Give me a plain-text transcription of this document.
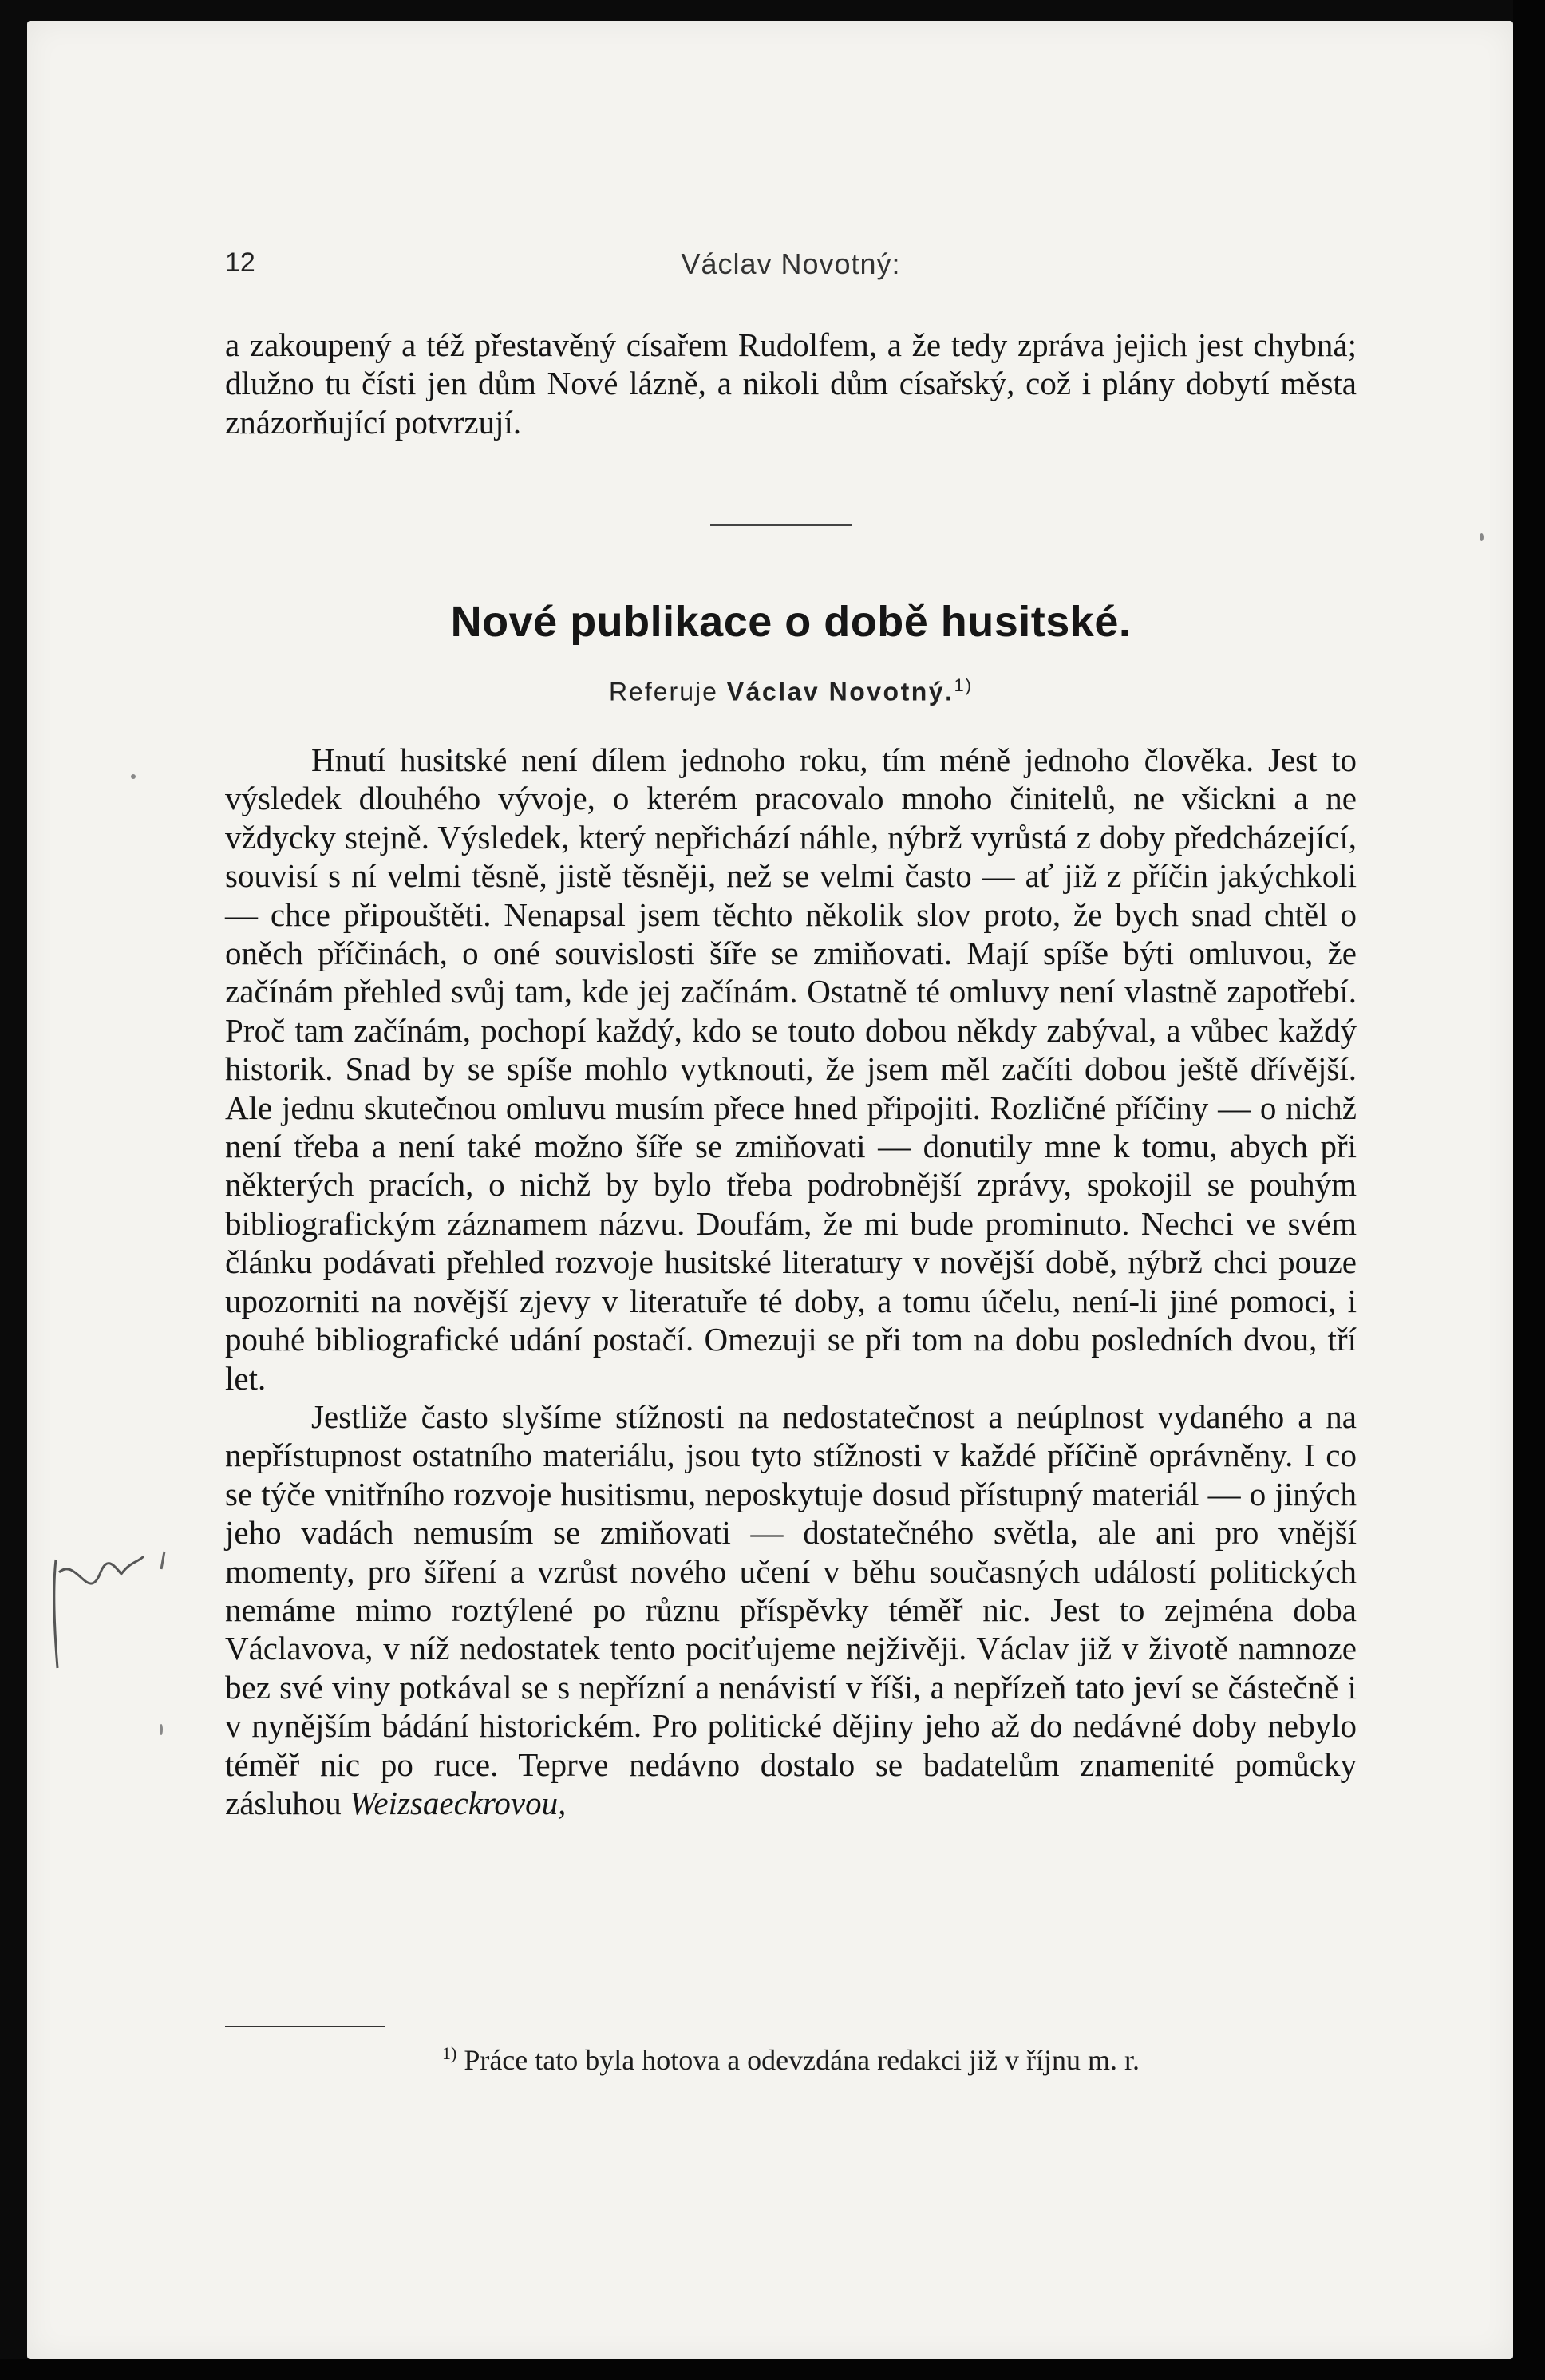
12	Václav Novotný:

a zakoupený a též přestavěný císařem Rudolfem, a že tedy zpráva jejich jest chybná; dlužno tu čísti jen dům Nové lázně, a nikoli dům císařský, což i plány dobytí města znázorňující potvrzují.

Nové publikace o době husitské.
Referuje Václav Novotný.$^{1)}$

Hnutí husitské není dílem jednoho roku, tím méně jednoho člověka. Jest to výsledek dlouhého vývoje, o kterém pracovalo mnoho činitelů, ne všickni a ne vždycky stejně. Výsledek, který nepřichází náhle, nýbrž vyrůstá z doby předcházející, souvisí s ní velmi těsně, jistě těsněji, než se velmi často — ať již z příčin jakýchkoli — chce připouštěti. Nenapsal jsem těchto několik slov proto, že bych snad chtěl o oněch příčinách, o oné souvislosti šíře se zmiňovati. Mají spíše býti omluvou, že začínám přehled svůj tam, kde jej začínám. Ostatně té omluvy není vlastně zapotřebí. Proč tam začínám, pochopí každý, kdo se touto dobou někdy zabýval, a vůbec každý historik. Snad by se spíše mohlo vytknouti, že jsem měl začíti dobou ještě dřívější. Ale jednu skutečnou omluvu musím přece hned připojiti. Rozličné příčiny — o nichž není třeba a není také možno šíře se zmiňovati — donutily mne k tomu, abych při některých pracích, o nichž by bylo třeba podrobnější zprávy, spokojil se pouhým bibliografickým záznamem názvu. Doufám, že mi bude prominuto. Nechci ve svém článku podávati přehled rozvoje husitské literatury v novější době, nýbrž chci pouze upozorniti na novější zjevy v literatuře té doby, a tomu účelu, není-li jiné pomoci, i pouhé bibliografické udání postačí. Omezuji se při tom na dobu posledních dvou, tří let.

Jestliže často slyšíme stížnosti na nedostatečnost a neúplnost vydaného a na nepřístupnost ostatního materiálu, jsou tyto stížnosti v každé příčině oprávněny. I co se týče vnitřního rozvoje husitismu, neposkytuje dosud přístupný materiál — o jiných jeho vadách nemusím se zmiňovati — dostatečného světla, ale ani pro vnější momenty, pro šíření a vzrůst nového učení v běhu současných událostí politických nemáme mimo roztýlené po různu příspěvky téměř nic. Jest to zejména doba Václavova, v níž nedostatek tento pociťujeme nejživěji. Václav již v životě namnoze bez své viny potkával se s nepřízní a nenávistí v říši, a nepřízeň tato jeví se částečně i v nynějším bádání historickém. Pro politické dějiny jeho až do nedávné doby nebylo téměř nic po ruce. Teprve nedávno dostalo se badatelům znamenité pomůcky zásluhou Weizsaeckrovou,

$^{1)}$ Práce tato byla hotova a odevzdána redakci již v říjnu m. r.
